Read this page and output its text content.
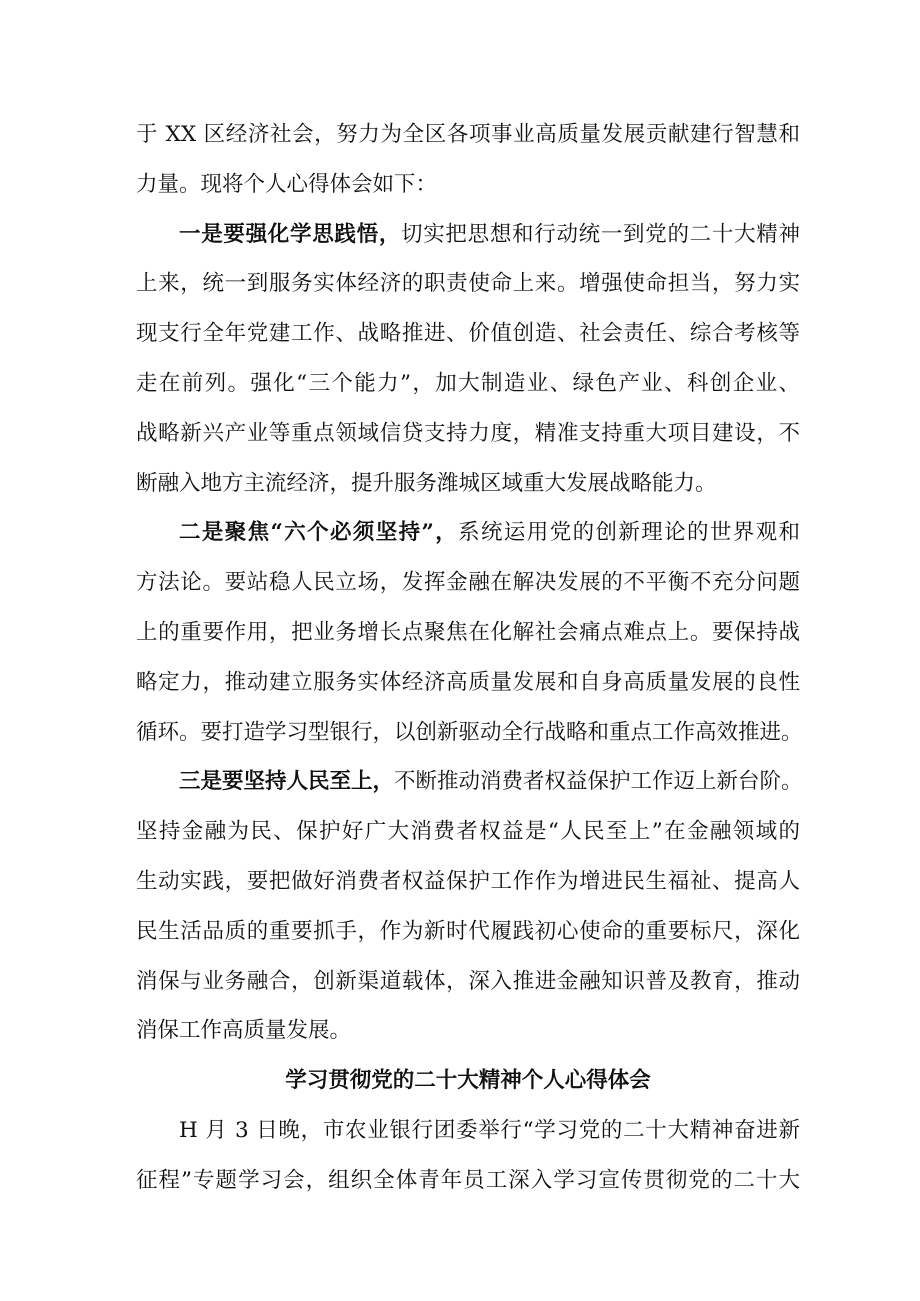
于 XX 区经济社会，努力为全区各项事业高质量发展贡献建行智慧和
力量。现将个人心得体会如下：
一是要强化学思践悟，切实把思想和行动统一到党的二十大精神
上来，统一到服务实体经济的职责使命上来。增强使命担当，努力实
现支行全年党建工作、战略推进、价值创造、社会责任、综合考核等
走在前列。强化“三个能力”，加大制造业、绿色产业、科创企业、
战略新兴产业等重点领域信贷支持力度，精准支持重大项目建设，不
断融入地方主流经济，提升服务潍城区域重大发展战略能力。
二是聚焦“六个必须坚持”，系统运用党的创新理论的世界观和
方法论。要站稳人民立场，发挥金融在解决发展的不平衡不充分问题
上的重要作用，把业务增长点聚焦在化解社会痛点难点上。要保持战
略定力，推动建立服务实体经济高质量发展和自身高质量发展的良性
循环。要打造学习型银行，以创新驱动全行战略和重点工作高效推进。
三是要坚持人民至上，不断推动消费者权益保护工作迈上新台阶。
坚持金融为民、保护好广大消费者权益是“人民至上”在金融领域的
生动实践，要把做好消费者权益保护工作作为增进民生福祉、提高人
民生活品质的重要抓手，作为新时代履践初心使命的重要标尺，深化
消保与业务融合，创新渠道载体，深入推进金融知识普及教育，推动
消保工作高质量发展。
学习贯彻党的二十大精神个人心得体会
H 月 3 日晚，市农业银行团委举行“学习党的二十大精神奋进新
征程”专题学习会，组织全体青年员工深入学习宣传贯彻党的二十大
